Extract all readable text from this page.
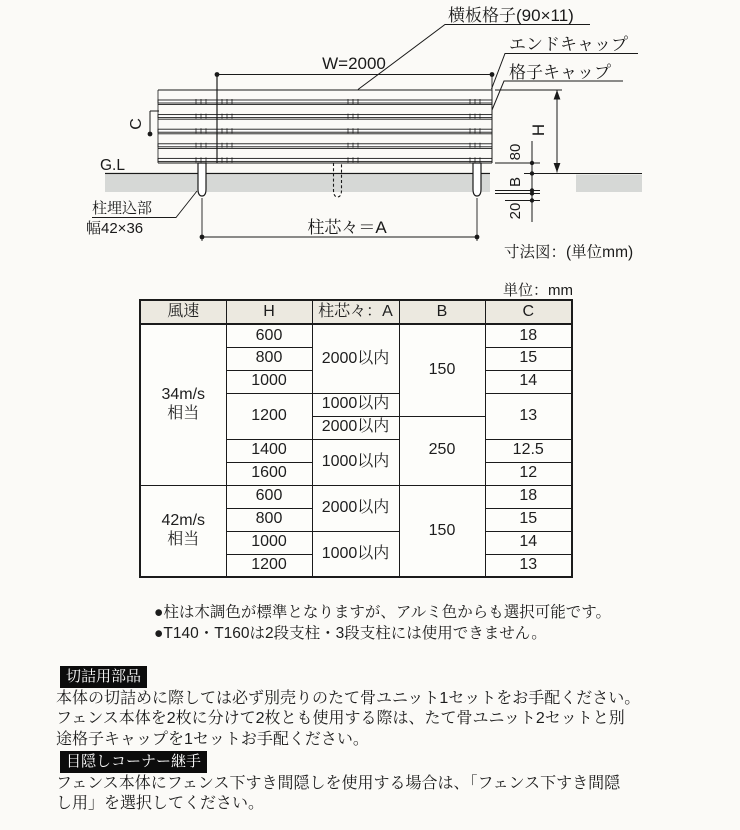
横板格子(90×11)
エンドキャップ
格子キャップ
W=2000
C
G.L
柱埋込部
幅42×36	柱芯々＝A
H
80
B
20
寸法図：(単位mm)
単位：mm
風速	H	柱芯々：A	B	C
34m/s
相当	600	2000以内	150	18
	800			15
	1000			14
	1200	1000以内		13
		2000以内	250	
	1400	1000以内		12.5
	1600			12
42m/s
相当	600	2000以内	150	18
	800			15
	1000	1000以内		14
	1200			13
●柱は木調色が標準となりますが、アルミ色からも選択可能です。
●T140・T160は2段支柱・3段支柱には使用できません。
切詰用部品
本体の切詰めに際しては必ず別売りのたて骨ユニット1セットをお手配ください。
フェンス本体を2枚に分けて2枚とも使用する際は、たて骨ユニット2セットと別
途格子キャップを1セットお手配ください。
目隠しコーナー継手
フェンス本体にフェンス下すき間隠しを使用する場合は、「フェンス下すき間隠
し用」を選択してください。
